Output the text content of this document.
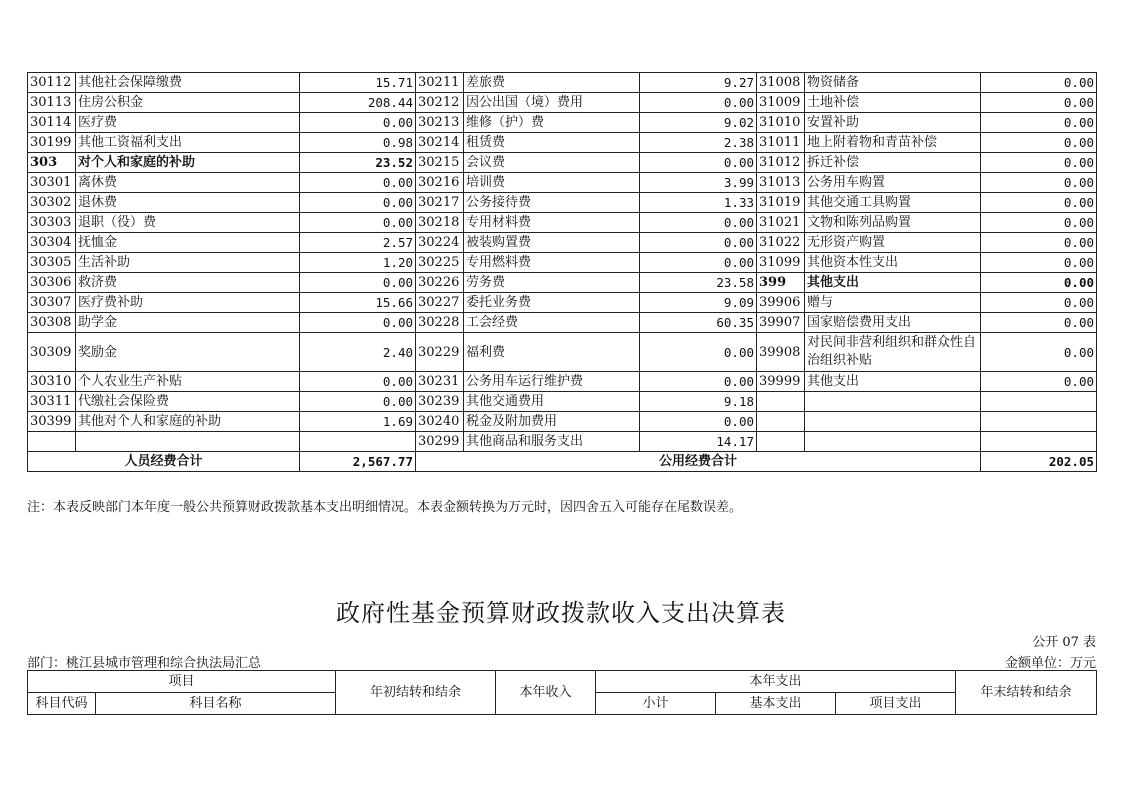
30112	其他社会保障缴费	15.71	30211	差旅费	9.27	31008	物资储备	0.00
30113	住房公积金	208.44	30212	因公出国（境）费用	0.00	31009	土地补偿	0.00
30114	医疗费	0.00	30213	维修（护）费	9.02	31010	安置补助	0.00
30199	其他工资福利支出	0.98	30214	租赁费	2.38	31011	地上附着物和青苗补偿	0.00
303	对个人和家庭的补助	23.52	30215	会议费	0.00	31012	拆迁补偿	0.00
30301	离休费	0.00	30216	培训费	3.99	31013	公务用车购置	0.00
30302	退休费	0.00	30217	公务接待费	1.33	31019	其他交通工具购置	0.00
30303	退职（役）费	0.00	30218	专用材料费	0.00	31021	文物和陈列品购置	0.00
30304	抚恤金	2.57	30224	被装购置费	0.00	31022	无形资产购置	0.00
30305	生活补助	1.20	30225	专用燃料费	0.00	31099	其他资本性支出	0.00
30306	救济费	0.00	30226	劳务费	23.58	399	其他支出	0.00
30307	医疗费补助	15.66	30227	委托业务费	9.09	39906	赠与	0.00
30308	助学金	0.00	30228	工会经费	60.35	39907	国家赔偿费用支出	0.00
30309	奖励金	2.40	30229	福利费	0.00	39908	对民间非营利组织和群众性自治组织补贴	0.00
30310	个人农业生产补贴	0.00	30231	公务用车运行维护费	0.00	39999	其他支出	0.00
30311	代缴社会保险费	0.00	30239	其他交通费用	9.18			
30399	其他对个人和家庭的补助	1.69	30240	税金及附加费用	0.00			
			30299	其他商品和服务支出	14.17			
人员经费合计		2,567.77	公用经费合计					202.05
注：本表反映部门本年度一般公共预算财政拨款基本支出明细情况。本表金额转换为万元时，因四舍五入可能存在尾数误差。
政府性基金预算财政拨款收入支出决算表
公开 07 表
部门：桃江县城市管理和综合执法局汇总	金额单位：万元
项目		年初结转和结余	本年收入	本年支出			年末结转和结余
科目代码	科目名称			小计	基本支出	项目支出	
